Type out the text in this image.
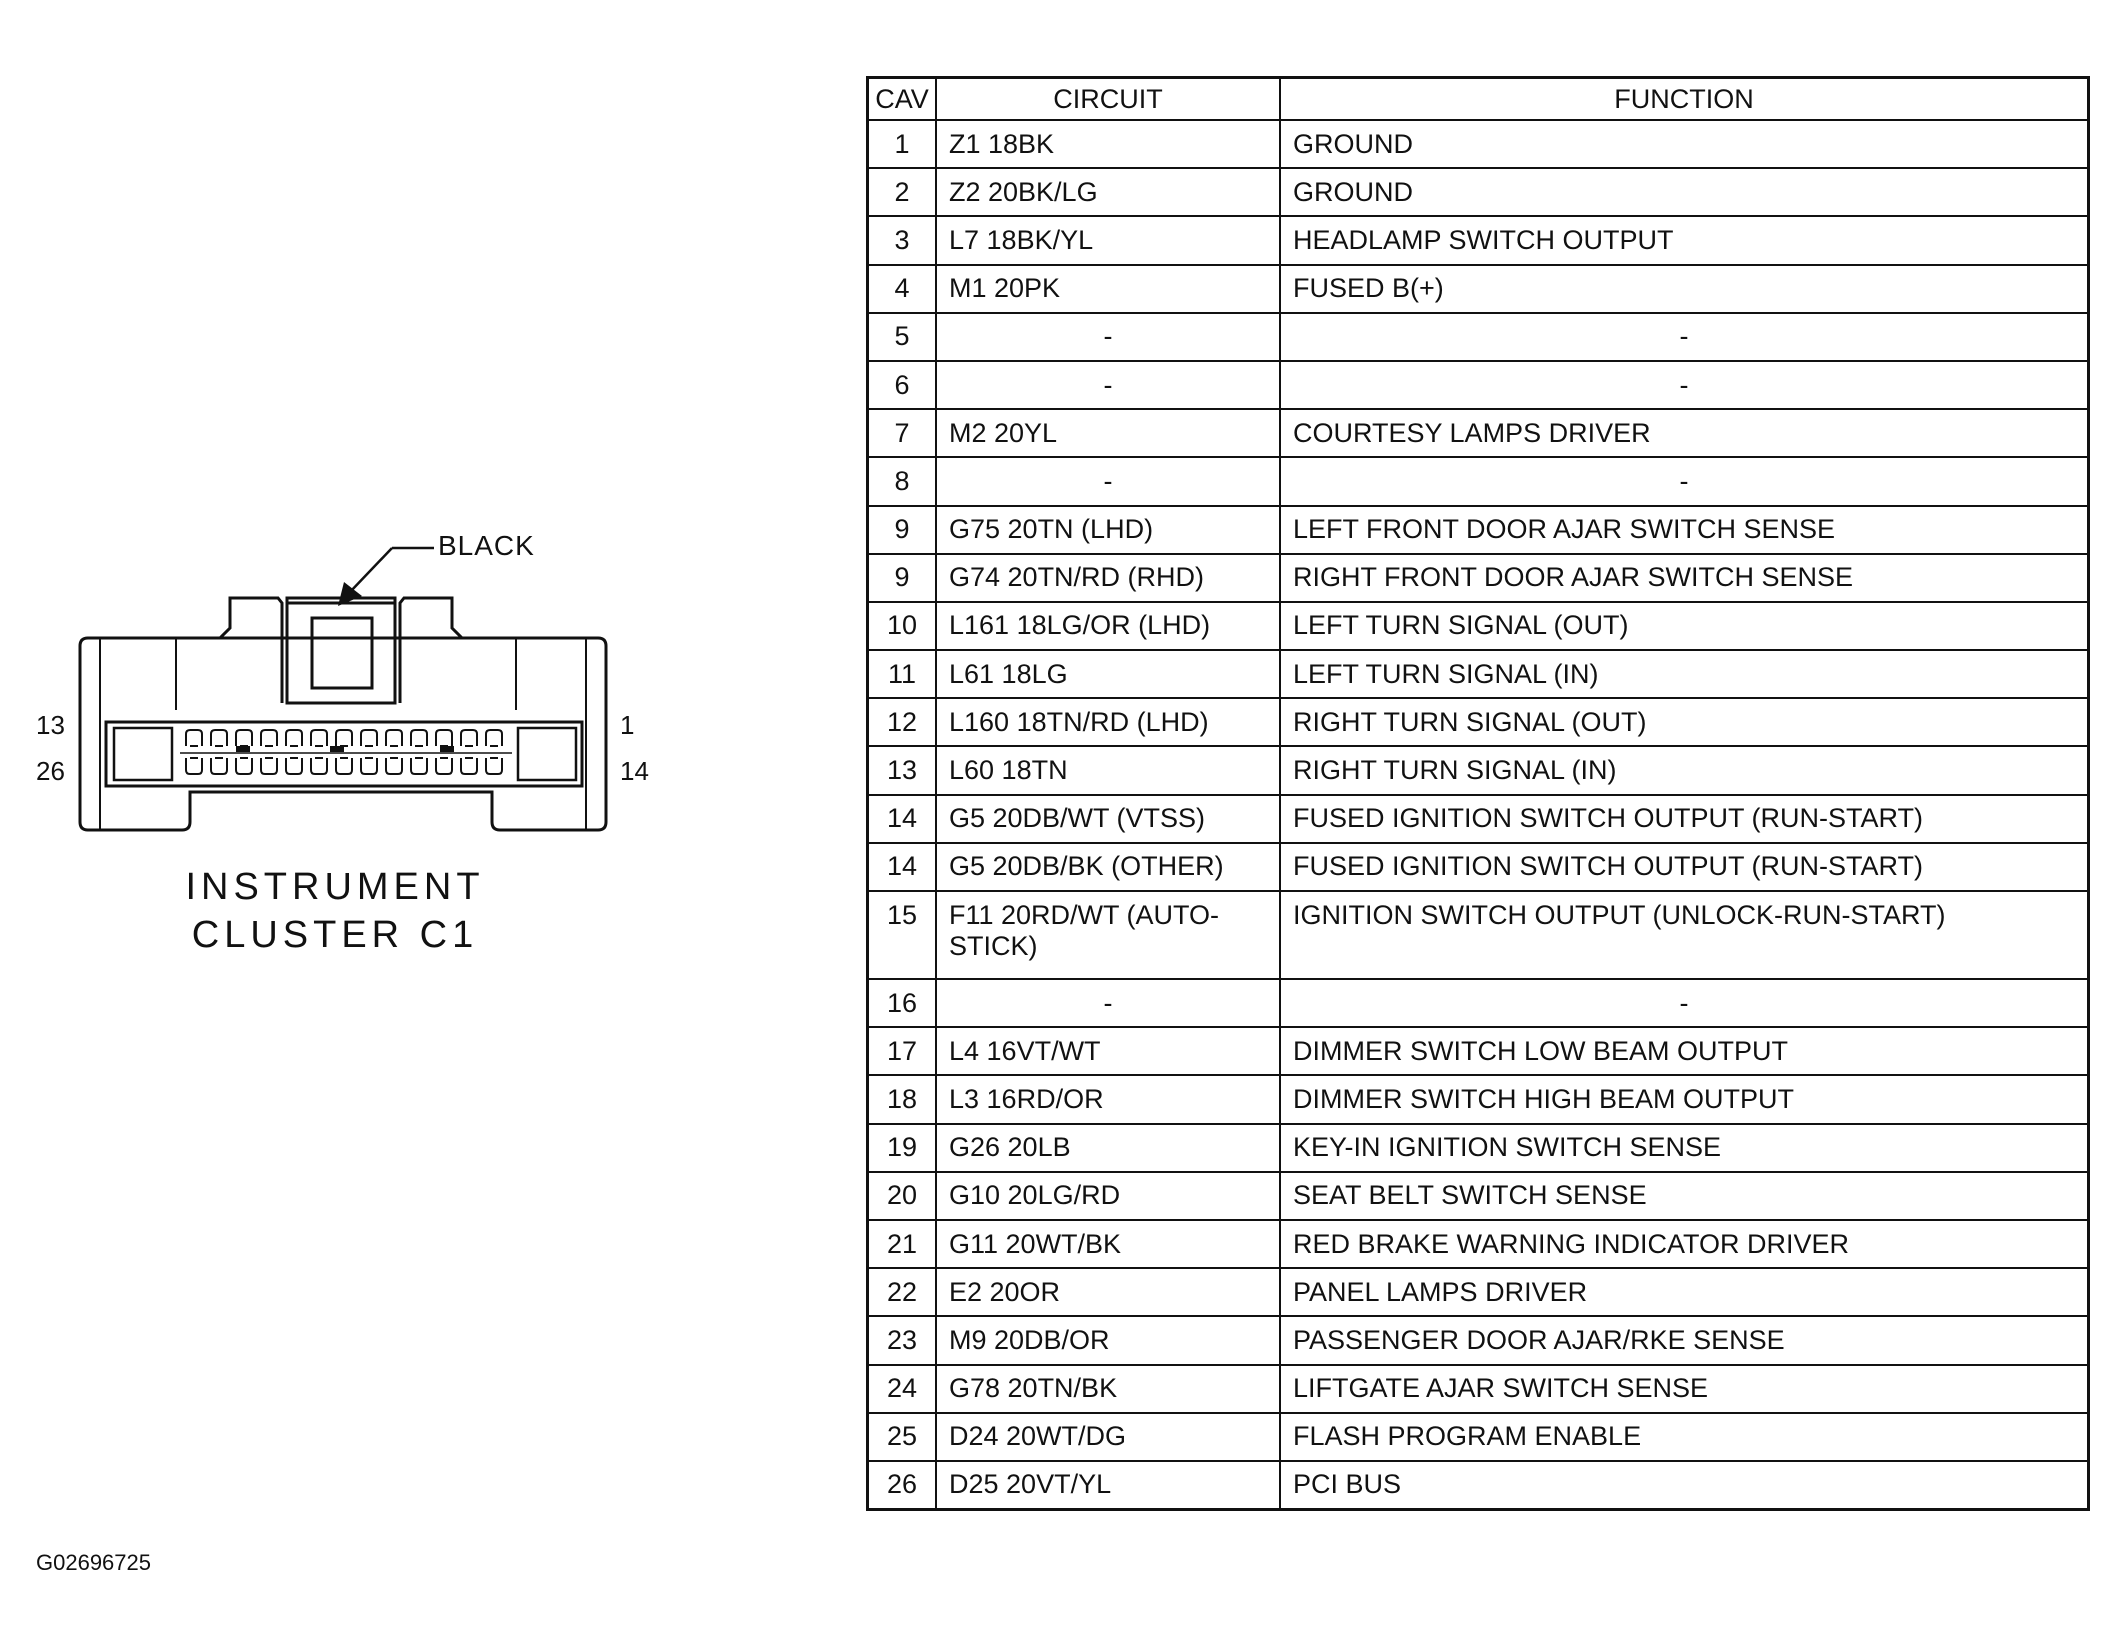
BLACK
13
26
1
14
INSTRUMENT
CLUSTER C1
CAV	CIRCUIT	FUNCTION
1	Z1 18BK	GROUND
2	Z2 20BK/LG	GROUND
3	L7 18BK/YL	HEADLAMP SWITCH OUTPUT
4	M1 20PK	FUSED B(+)
5	-	-
6	-	-
7	M2 20YL	COURTESY LAMPS DRIVER
8	-	-
9	G75 20TN (LHD)	LEFT FRONT DOOR AJAR SWITCH SENSE
9	G74 20TN/RD (RHD)	RIGHT FRONT DOOR AJAR SWITCH SENSE
10	L161 18LG/OR (LHD)	LEFT TURN SIGNAL (OUT)
11	L61 18LG	LEFT TURN SIGNAL (IN)
12	L160 18TN/RD (LHD)	RIGHT TURN SIGNAL (OUT)
13	L60 18TN	RIGHT TURN SIGNAL (IN)
14	G5 20DB/WT (VTSS)	FUSED IGNITION SWITCH OUTPUT (RUN-START)
14	G5 20DB/BK (OTHER)	FUSED IGNITION SWITCH OUTPUT (RUN-START)
15	F11 20RD/WT (AUTO-STICK)	IGNITION SWITCH OUTPUT (UNLOCK-RUN-START)
16	-	-
17	L4 16VT/WT	DIMMER SWITCH LOW BEAM OUTPUT
18	L3 16RD/OR	DIMMER SWITCH HIGH BEAM OUTPUT
19	G26 20LB	KEY-IN IGNITION SWITCH SENSE
20	G10 20LG/RD	SEAT BELT SWITCH SENSE
21	G11 20WT/BK	RED BRAKE WARNING INDICATOR DRIVER
22	E2 20OR	PANEL LAMPS DRIVER
23	M9 20DB/OR	PASSENGER DOOR AJAR/RKE SENSE
24	G78 20TN/BK	LIFTGATE AJAR SWITCH SENSE
25	D24 20WT/DG	FLASH PROGRAM ENABLE
26	D25 20VT/YL	PCI BUS
G02696725
